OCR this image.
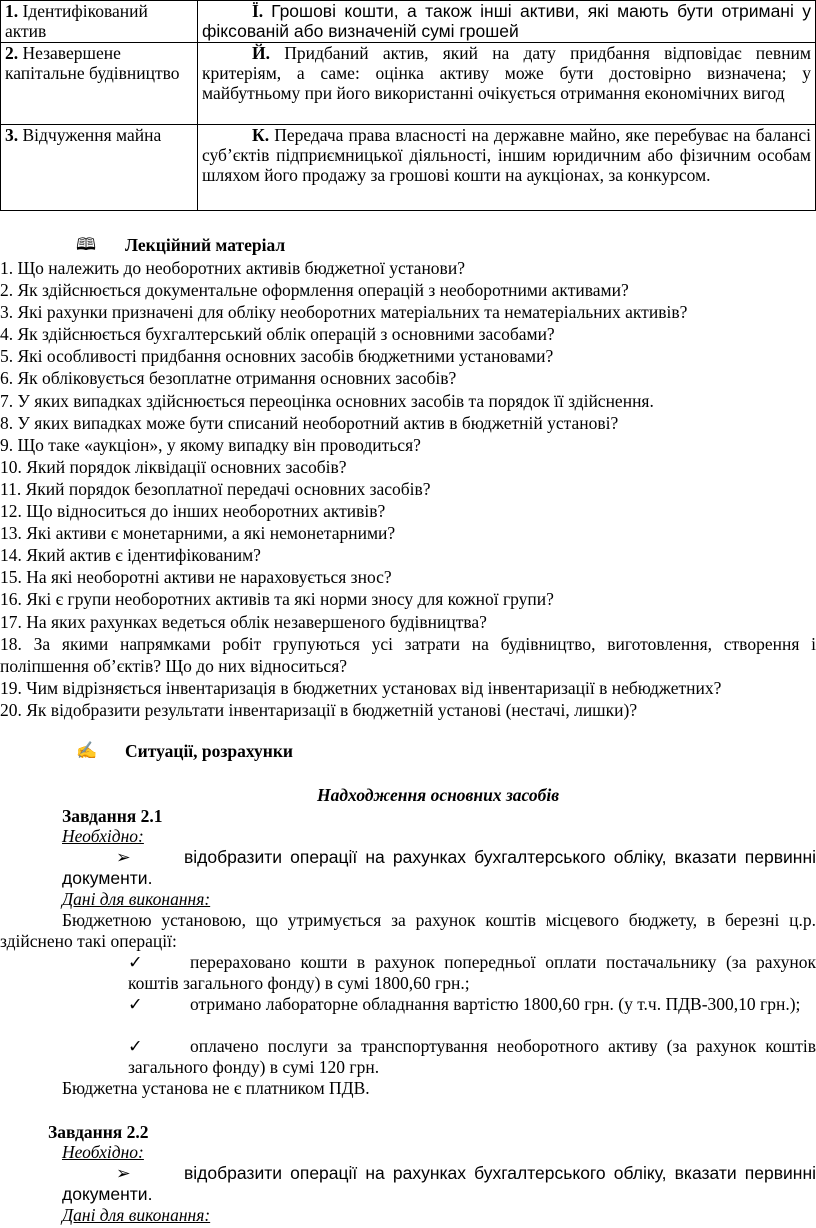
1. Ідентифікований актив	Ї. Грошові кошти, а також інші активи, які мають бути отримані у фіксованій або визначеній сумі грошей
2. Незавершене капітальне будівництво	Й. Придбаний актив, який на дату придбання відповідає певним критеріям, а саме: оцінка активу може бути достовірно визначена; у майбутньому при його використанні очікується отримання економічних вигод
3. Відчуження майна	К. Передача права власності на державне майно, яке перебуває на балансі суб’єктів підприємницької діяльності, іншим юридичним або фізичним особам шляхом його продажу за грошові кошти на аукціонах, за конкурсом.
🕮 Лекційний матеріал
1. Що належить до необоротних активів бюджетної установи?
2. Як здійснюється документальне оформлення операцій з необоротними активами?
3. Які рахунки призначені для обліку необоротних матеріальних та нематеріальних активів?
4. Як здійснюється бухгалтерський облік операцій з основними засобами?
5. Які особливості придбання основних засобів бюджетними установами?
6. Як обліковується безоплатне отримання основних засобів?
7. У яких випадках здійснюється переоцінка основних засобів та порядок її здійснення.
8. У яких випадках може бути списаний необоротний актив в бюджетній установі?
9. Що таке «аукціон», у якому випадку він проводиться?
10. Який порядок ліквідації основних засобів?
11. Який порядок безоплатної передачі основних засобів?
12. Що відноситься до інших необоротних активів?
13. Які активи є монетарними, а які немонетарними?
14. Який актив є ідентифікованим?
15. На які необоротні активи не нараховується знос?
16. Які є групи необоротних активів та які норми зносу для кожної групи?
17. На яких рахунках ведеться облік незавершеного будівництва?
18. За якими напрямками робіт групуються усі затрати на будівництво, виготовлення, створення і поліпшення об’єктів? Що до них відноситься?
19. Чим відрізняється інвентаризація в бюджетних установах від інвентаризації в небюджетних?
20. Як відобразити результати інвентаризації в бюджетній установі (нестачі, лишки)?
✍ Ситуації, розрахунки
Надходження основних засобів
Завдання 2.1
Необхідно:
➢	відобразити операції на рахунках бухгалтерського обліку, вказати первинні документи.
Дані для виконання:
Бюджетною установою, що утримується за рахунок коштів місцевого бюджету, в березні ц.р. здійснено такі операції:
✓	перераховано кошти в рахунок попередньої оплати постачальнику (за рахунок коштів загального фонду) в сумі 1800,60 грн.;
✓	отримано лабораторне обладнання вартістю 1800,60 грн. (у т.ч. ПДВ-300,10 грн.);
✓	оплачено послуги за транспортування необоротного активу (за рахунок коштів загального фонду) в сумі 120 грн.
Бюджетна установа не є платником ПДВ.
Завдання 2.2
Необхідно:
➢	відобразити операції на рахунках бухгалтерського обліку, вказати первинні документи.
Дані для виконання:
